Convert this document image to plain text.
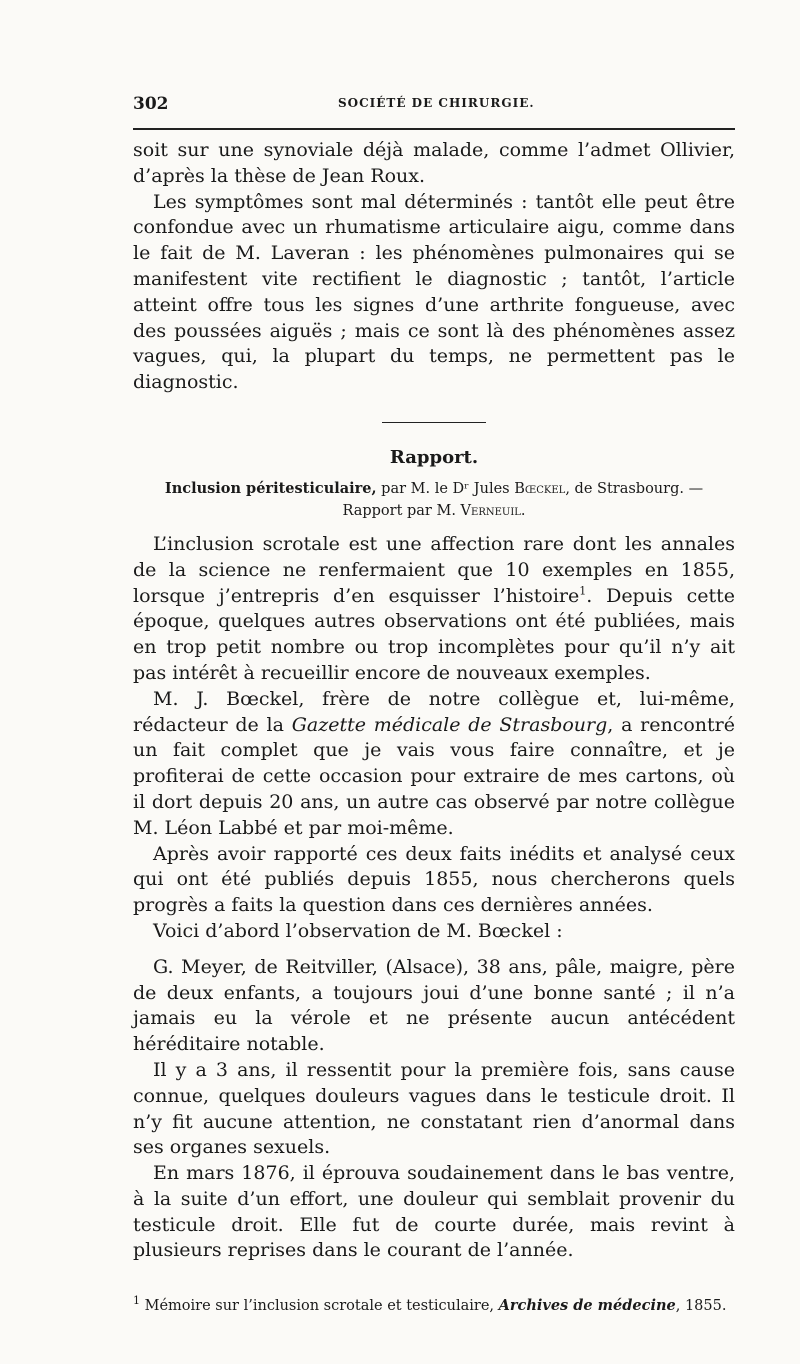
302	SOCIÉTÉ DE CHIRURGIE.

soit sur une synoviale déjà malade, comme l’admet Ollivier, d’après la thèse de Jean Roux.

Les symptômes sont mal déterminés : tantôt elle peut être confondue avec un rhumatisme articulaire aigu, comme dans le fait de M. Laveran : les phénomènes pulmonaires qui se manifestent vite rectifient le diagnostic ; tantôt, l’article atteint offre tous les signes d’une arthrite fongueuse, avec des poussées aiguës ; mais ce sont là des phénomènes assez vagues, qui, la plupart du temps, ne permettent pas le diagnostic.

Rapport.
Inclusion péritesticulaire, par M. le Dʳ Jules Bœckel, de Strasbourg. —
Rapport par M. Verneuil.

L’inclusion scrotale est une affection rare dont les annales de la science ne renfermaient que 10 exemples en 1855, lorsque j’entrepris d’en esquisser l’histoire$^1$. Depuis cette époque, quelques autres observations ont été publiées, mais en trop petit nombre ou trop incomplètes pour qu’il n’y ait pas intérêt à recueillir encore de nouveaux exemples.

M. J. Bœckel, frère de notre collègue et, lui-même, rédacteur de la Gazette médicale de Strasbourg, a rencontré un fait complet que je vais vous faire connaître, et je profiterai de cette occasion pour extraire de mes cartons, où il dort depuis 20 ans, un autre cas observé par notre collègue M. Léon Labbé et par moi-même.

Après avoir rapporté ces deux faits inédits et analysé ceux qui ont été publiés depuis 1855, nous chercherons quels progrès a faits la question dans ces dernières années.

Voici d’abord l’observation de M. Bœckel :

G. Meyer, de Reitviller, (Alsace), 38 ans, pâle, maigre, père de deux enfants, a toujours joui d’une bonne santé ; il n’a jamais eu la vérole et ne présente aucun antécédent héréditaire notable.

Il y a 3 ans, il ressentit pour la première fois, sans cause connue, quelques douleurs vagues dans le testicule droit. Il n’y fit aucune attention, ne constatant rien d’anormal dans ses organes sexuels.

En mars 1876, il éprouva soudainement dans le bas ventre, à la suite d’un effort, une douleur qui semblait provenir du testicule droit. Elle fut de courte durée, mais revint à plusieurs reprises dans le courant de l’année.

$^1$ Mémoire sur l’inclusion scrotale et testiculaire, Archives de médecine, 1855.
